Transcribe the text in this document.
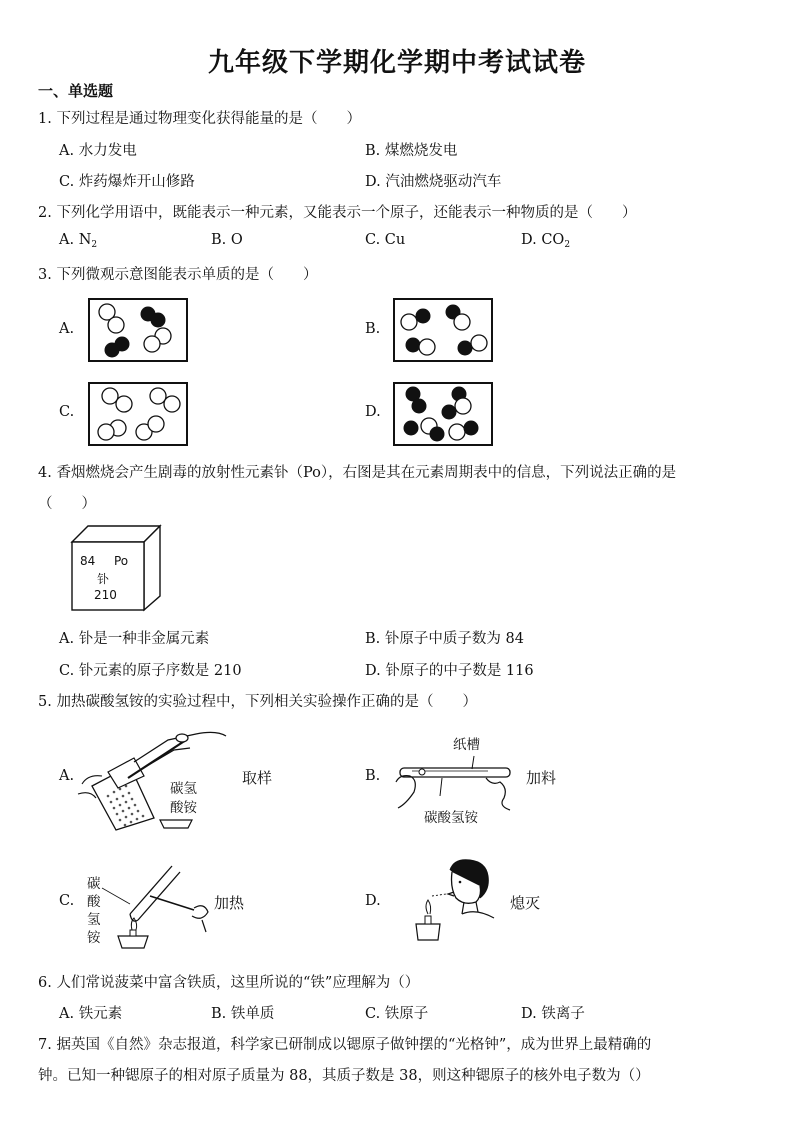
九年级下学期化学期中考试试卷
一、单选题
1. 下列过程是通过物理变化获得能量的是（　　）
A. 水力发电	B. 煤燃烧发电
C. 炸药爆炸开山修路	D. 汽油燃烧驱动汽车
2. 下列化学用语中，既能表示一种元素，又能表示一个原子，还能表示一种物质的是（　　）
A. $N_2$	B. O	C. Cu	D. $CO_2$
3. 下列微观示意图能表示单质的是（　　）
A.	B.
C.	D.
4. 香烟燃烧会产生剧毒的放射性元素钋（Po），右图是其在元素周期表中的信息，下列说法正确的是
（　　）
84 Po
钋
210
A. 钋是一种非金属元素	B. 钋原子中质子数为 84
C. 钋元素的原子序数是 210	D. 钋原子的中子数是 116
5. 加热碳酸氢铵的实验过程中，下列相关实验操作正确的是（　　）
A.
碳氢
酸铵
取样	B.
纸槽
碳酸氢铵
加料
C.
碳
酸
氢
铵
加热	D.	熄灭
6. 人们常说菠菜中富含铁质，这里所说的“铁”应理解为（）
A. 铁元素	B. 铁单质	C. 铁原子	D. 铁离子
7. 据英国《自然》杂志报道，科学家已研制成以锶原子做钟摆的“光格钟”，成为世界上最精确的
钟。已知一种锶原子的相对原子质量为 88，其质子数是 38，则这种锶原子的核外电子数为（）
